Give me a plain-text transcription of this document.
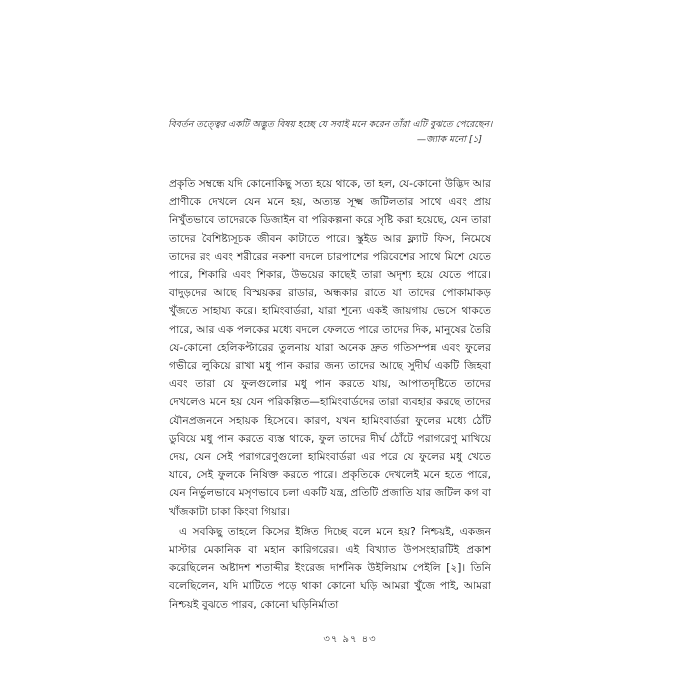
বিবর্তন তত্ত্বের একটি অদ্ভুত বিষয় হচ্ছে যে সবাই মনে করেন তাঁরা এটি বুঝতে পেরেছেন।
—জ্যাক মনো [১]

প্রকৃতি সম্বন্ধে যদি কোনোকিছু সত্য হয়ে থাকে, তা হল, যে-কোনো উদ্ভিদ আর প্রাণীকে দেখলে যেন মনে হয়, অত্যন্ত সূক্ষ্ম জটিলতার সাথে এবং প্রায় নিখুঁতভাবে তাদেরকে ডিজাইন বা পরিকল্পনা করে সৃষ্টি করা হয়েছে, যেন তারা তাদের বৈশিষ্ট্যসূচক জীবন কাটাতে পারে। স্কুইড আর ফ্ল্যাট ফিস, নিমেষে তাদের রং এবং শরীরের নকশা বদলে চারপাশের পরিবেশের সাথে মিশে যেতে পারে, শিকারি এবং শিকার, উভয়ের কাছেই তারা অদৃশ্য হয়ে যেতে পারে। বাদুড়দের আছে বিস্ময়কর রাডার, অন্ধকার রাতে যা তাদের পোকামাকড় খুঁজতে সাহায্য করে। হামিংবার্ডরা, যারা শূন্যে একই জায়গায় ভেসে থাকতে পারে, আর এক পলকের মধ্যে বদলে ফেলতে পারে তাদের দিক, মানুষের তৈরি যে-কোনো হেলিকপ্টারের তুলনায় যারা অনেক দ্রুত গতিসম্পন্ন এবং ফুলের গভীরে লুকিয়ে রাখা মধু পান করার জন্য তাদের আছে সুদীর্ঘ একটি জিহবা এবং তারা যে ফুলগুলোর মধু পান করতে যায়, আপাতদৃষ্টিতে তাদের দেখলেও মনে হয় যেন পরিকল্পিত—হামিংবার্ডদের তারা ব্যবহার করছে তাদের যৌনপ্রজননে সহায়ক হিসেবে। কারণ, যখন হামিংবার্ডরা ফুলের মধ্যে ঠোঁট ডুবিয়ে মধু পান করতে ব্যস্ত থাকে, ফুল তাদের দীর্ঘ ঠোঁটে পরাগরেণু মাখিয়ে দেয়, যেন সেই পরাগরেণুগুলো হামিংবার্ডরা এর পরে যে ফুলের মধু খেতে যাবে, সেই ফুলকে নিষিক্ত করতে পারে। প্রকৃতিকে দেখলেই মনে হতে পারে, যেন নির্ভুলভাবে মসৃণভাবে চলা একটি যন্ত্র, প্রতিটি প্রজাতি যার জটিল কগ বা খাঁজকাটা চাকা কিংবা গিয়ার।

এ সবকিছু তাহলে কিসের ইঙ্গিত দিচ্ছে বলে মনে হয়? নিশ্চয়ই, একজন মাস্টার মেকানিক বা মহান কারিগরের। এই বিখ্যাত উপসংহারটিই প্রকাশ করেছিলেন অষ্টাদশ শতাব্দীর ইংরেজ দার্শনিক উইলিয়াম পেইলি [২]। তিনি বলেছিলেন, যদি মাটিতে পড়ে থাকা কোনো ঘড়ি আমরা খুঁজে পাই, আমরা নিশ্চয়ই বুঝতে পারব, কোনো ঘড়িনির্মাতা

৩৭ ৯৭ ৪৩
